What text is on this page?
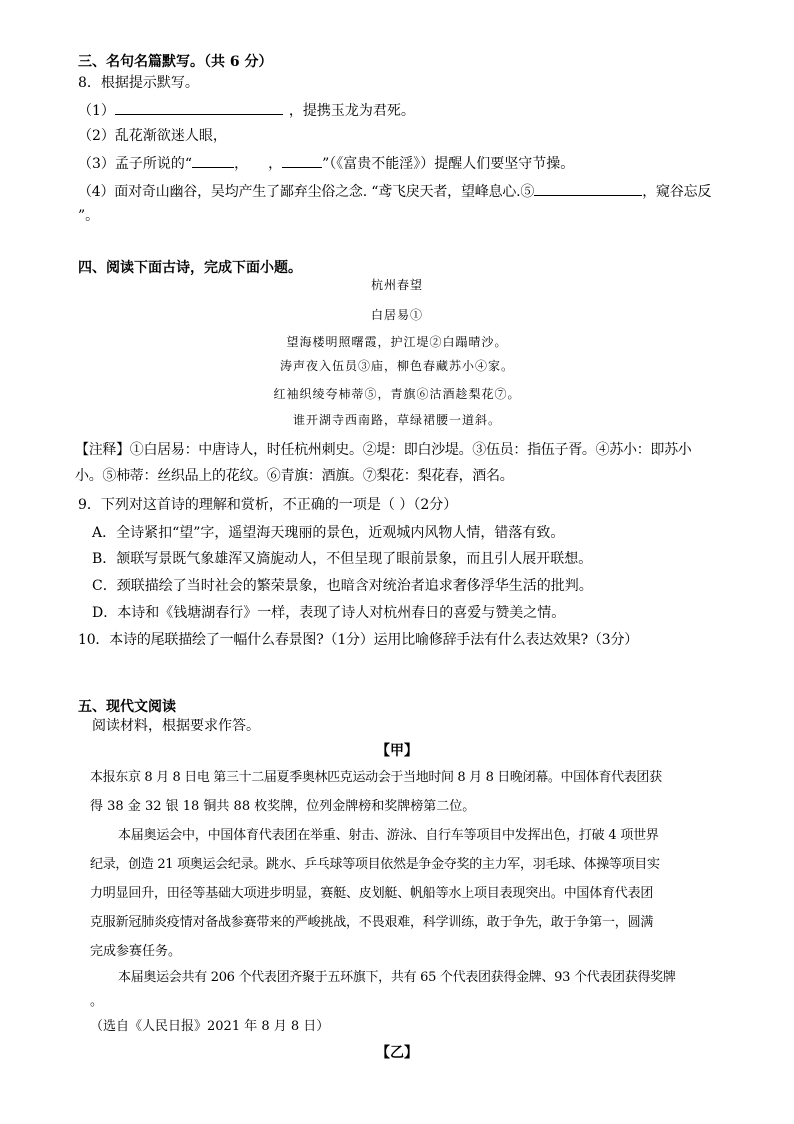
三、名句名篇默写。（共 6 分）
8．根据提示默写。
（1）	，提携玉龙为君死。
（2）乱花渐欲迷人眼，
（3）孟子所说的“	， ，	”（《富贵不能淫》）提醒人们要坚守节操。
（4）面对奇山幽谷，吴均产生了鄙弃尘俗之念. “鸢飞戾天者，望峰息心.⑤	，窥谷忘反
”。
四、阅读下面古诗，完成下面小题。
杭州春望
白居易①
望海楼明照曙霞，护江堤②白蹋晴沙。
涛声夜入伍员③庙，柳色春藏苏小④家。
红袖织绫夸柿蒂⑤，青旗⑥沽酒趁梨花⑦。
谁开湖寺西南路，草绿裙腰一道斜。
【注释】①白居易：中唐诗人，时任杭州刺史。②堤：即白沙堤。③伍员：指伍子胥。④苏小：即苏小
小。⑤柿蒂：丝织品上的花纹。⑥青旗：酒旗。⑦梨花：梨花春，酒名。
9．下列对这首诗的理解和赏析，不正确的一项是（ ）（2分）
A．全诗紧扣“望”字，遥望海天瑰丽的景色，近观城内风物人情，错落有致。
B．颔联写景既气象雄浑又旖旎动人，不但呈现了眼前景象，而且引人展开联想。
C．颈联描绘了当时社会的繁荣景象，也暗含对统治者追求奢侈浮华生活的批判。
D．本诗和《钱塘湖春行》一样，表现了诗人对杭州春日的喜爱与赞美之情。
10．本诗的尾联描绘了一幅什么春景图?（1分）运用比喻修辞手法有什么表达效果?（3分）
五、现代文阅读
阅读材料，根据要求作答。
【甲】
本报东京 8 月 8 日电 第三十二届夏季奥林匹克运动会于当地时间 8 月 8 日晚闭幕。中国体育代表团获
得 38 金 32 银 18 铜共 88 枚奖牌，位列金牌榜和奖牌榜第二位。
本届奥运会中，中国体育代表团在举重、射击、游泳、自行车等项目中发挥出色，打破 4 项世界
纪录，创造 21 项奥运会纪录。跳水、乒乓球等项目依然是争金夺奖的主力军，羽毛球、体操等项目实
力明显回升，田径等基础大项进步明显，赛艇、皮划艇、帆船等水上项目表现突出。中国体育代表团
克服新冠肺炎疫情对备战参赛带来的严峻挑战，不畏艰难，科学训练，敢于争先，敢于争第一，圆满
完成参赛任务。
本届奥运会共有 206 个代表团齐聚于五环旗下，共有 65 个代表团获得金牌、93 个代表团获得奖牌
。
（选自《人民日报》2021 年 8 月 8 日）
【乙】
